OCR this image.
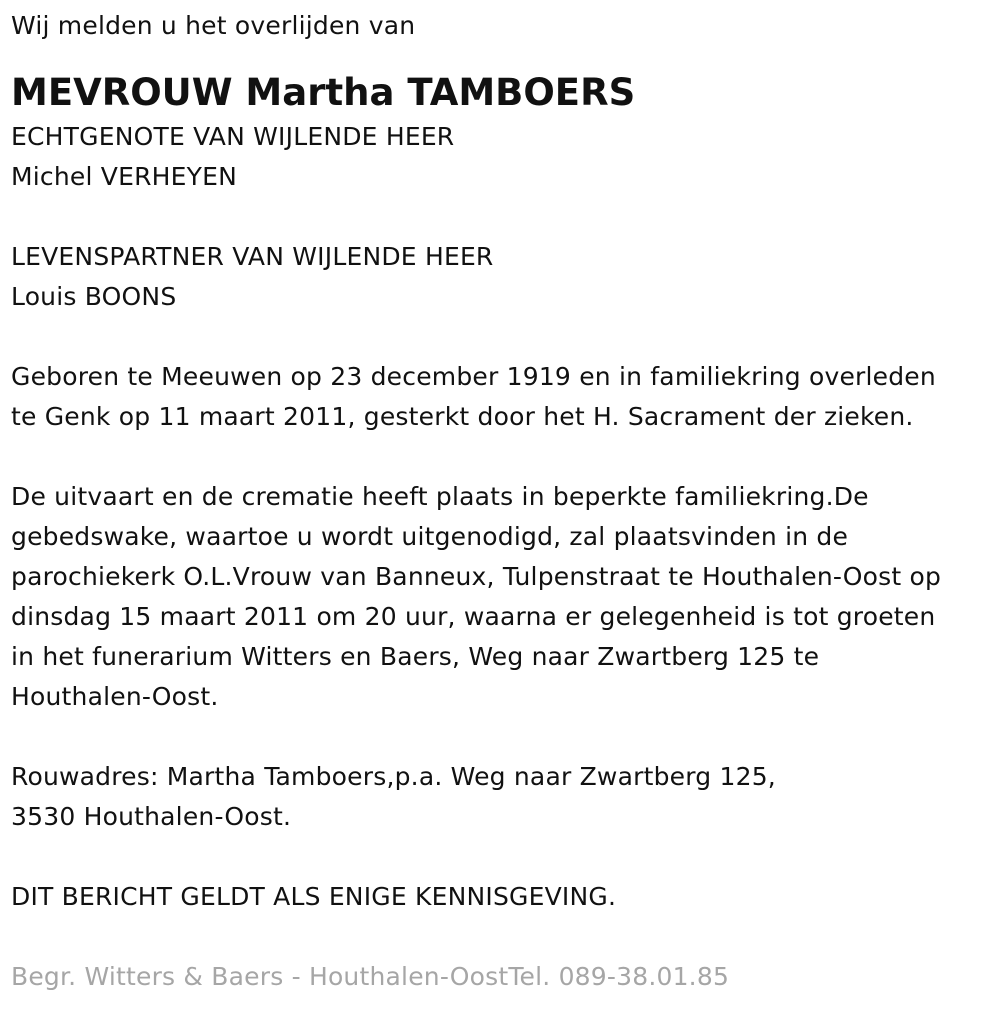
Wij melden u het overlijden van
MEVROUW Martha TAMBOERS
ECHTGENOTE VAN WIJLENDE HEER
Michel VERHEYEN
LEVENSPARTNER VAN WIJLENDE HEER
Louis BOONS
Geboren te Meeuwen op 23 december 1919 en in familiekring overleden
te Genk op 11 maart 2011, gesterkt door het H. Sacrament der zieken.
De uitvaart en de crematie heeft plaats in beperkte familiekring.De
gebedswake, waartoe u wordt uitgenodigd, zal plaatsvinden in de
parochiekerk O.L.Vrouw van Banneux, Tulpenstraat te Houthalen-Oost op
dinsdag 15 maart 2011 om 20 uur, waarna er gelegenheid is tot groeten
in het funerarium Witters en Baers, Weg naar Zwartberg 125 te
Houthalen-Oost.
Rouwadres: Martha Tamboers,p.a. Weg naar Zwartberg 125,
3530 Houthalen-Oost.
DIT BERICHT GELDT ALS ENIGE KENNISGEVING.
Begr. Witters & Baers - Houthalen-OostTel. 089-38.01.85
